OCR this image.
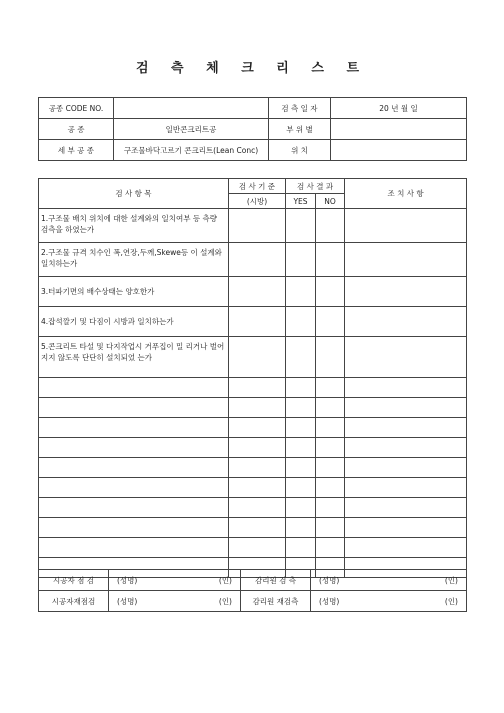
검 측 체 크 리 스 트
공종 CODE NO.		검 측 일 자	20 년 월 일
공 종	일반콘크리트공	부 위 별	
세 부 공 종	구조물바닥고르기 콘크리트(Lean Conc)	위 치	
검 사 항 목	검 사 기 준	검 사 결 과		조 치 사 항
	(시방)	YES	NO	
1.구조물 배치 위치에 대한 설계와의 일치여부 등 측량 검측을 하였는가				
2.구조물 규격 치수인 폭,연장,두께,Skewe등 이 설계와 일치하는가				
3.터파기면의 배수상태는 양호한가				
4.잡석깔기 및 다짐이 시방과 일치하는가				
5.콘크리트 타설 및 다지작업시 거푸집이 밀 리거나 벌어지지 않도록 단단히 설치되었 는가				

시공자 점 검	(성명) (인)	감리원 검 측	(성명) (인)

시공자재점검	(성명) (인)	감리원 재검측	(성명) (인)
